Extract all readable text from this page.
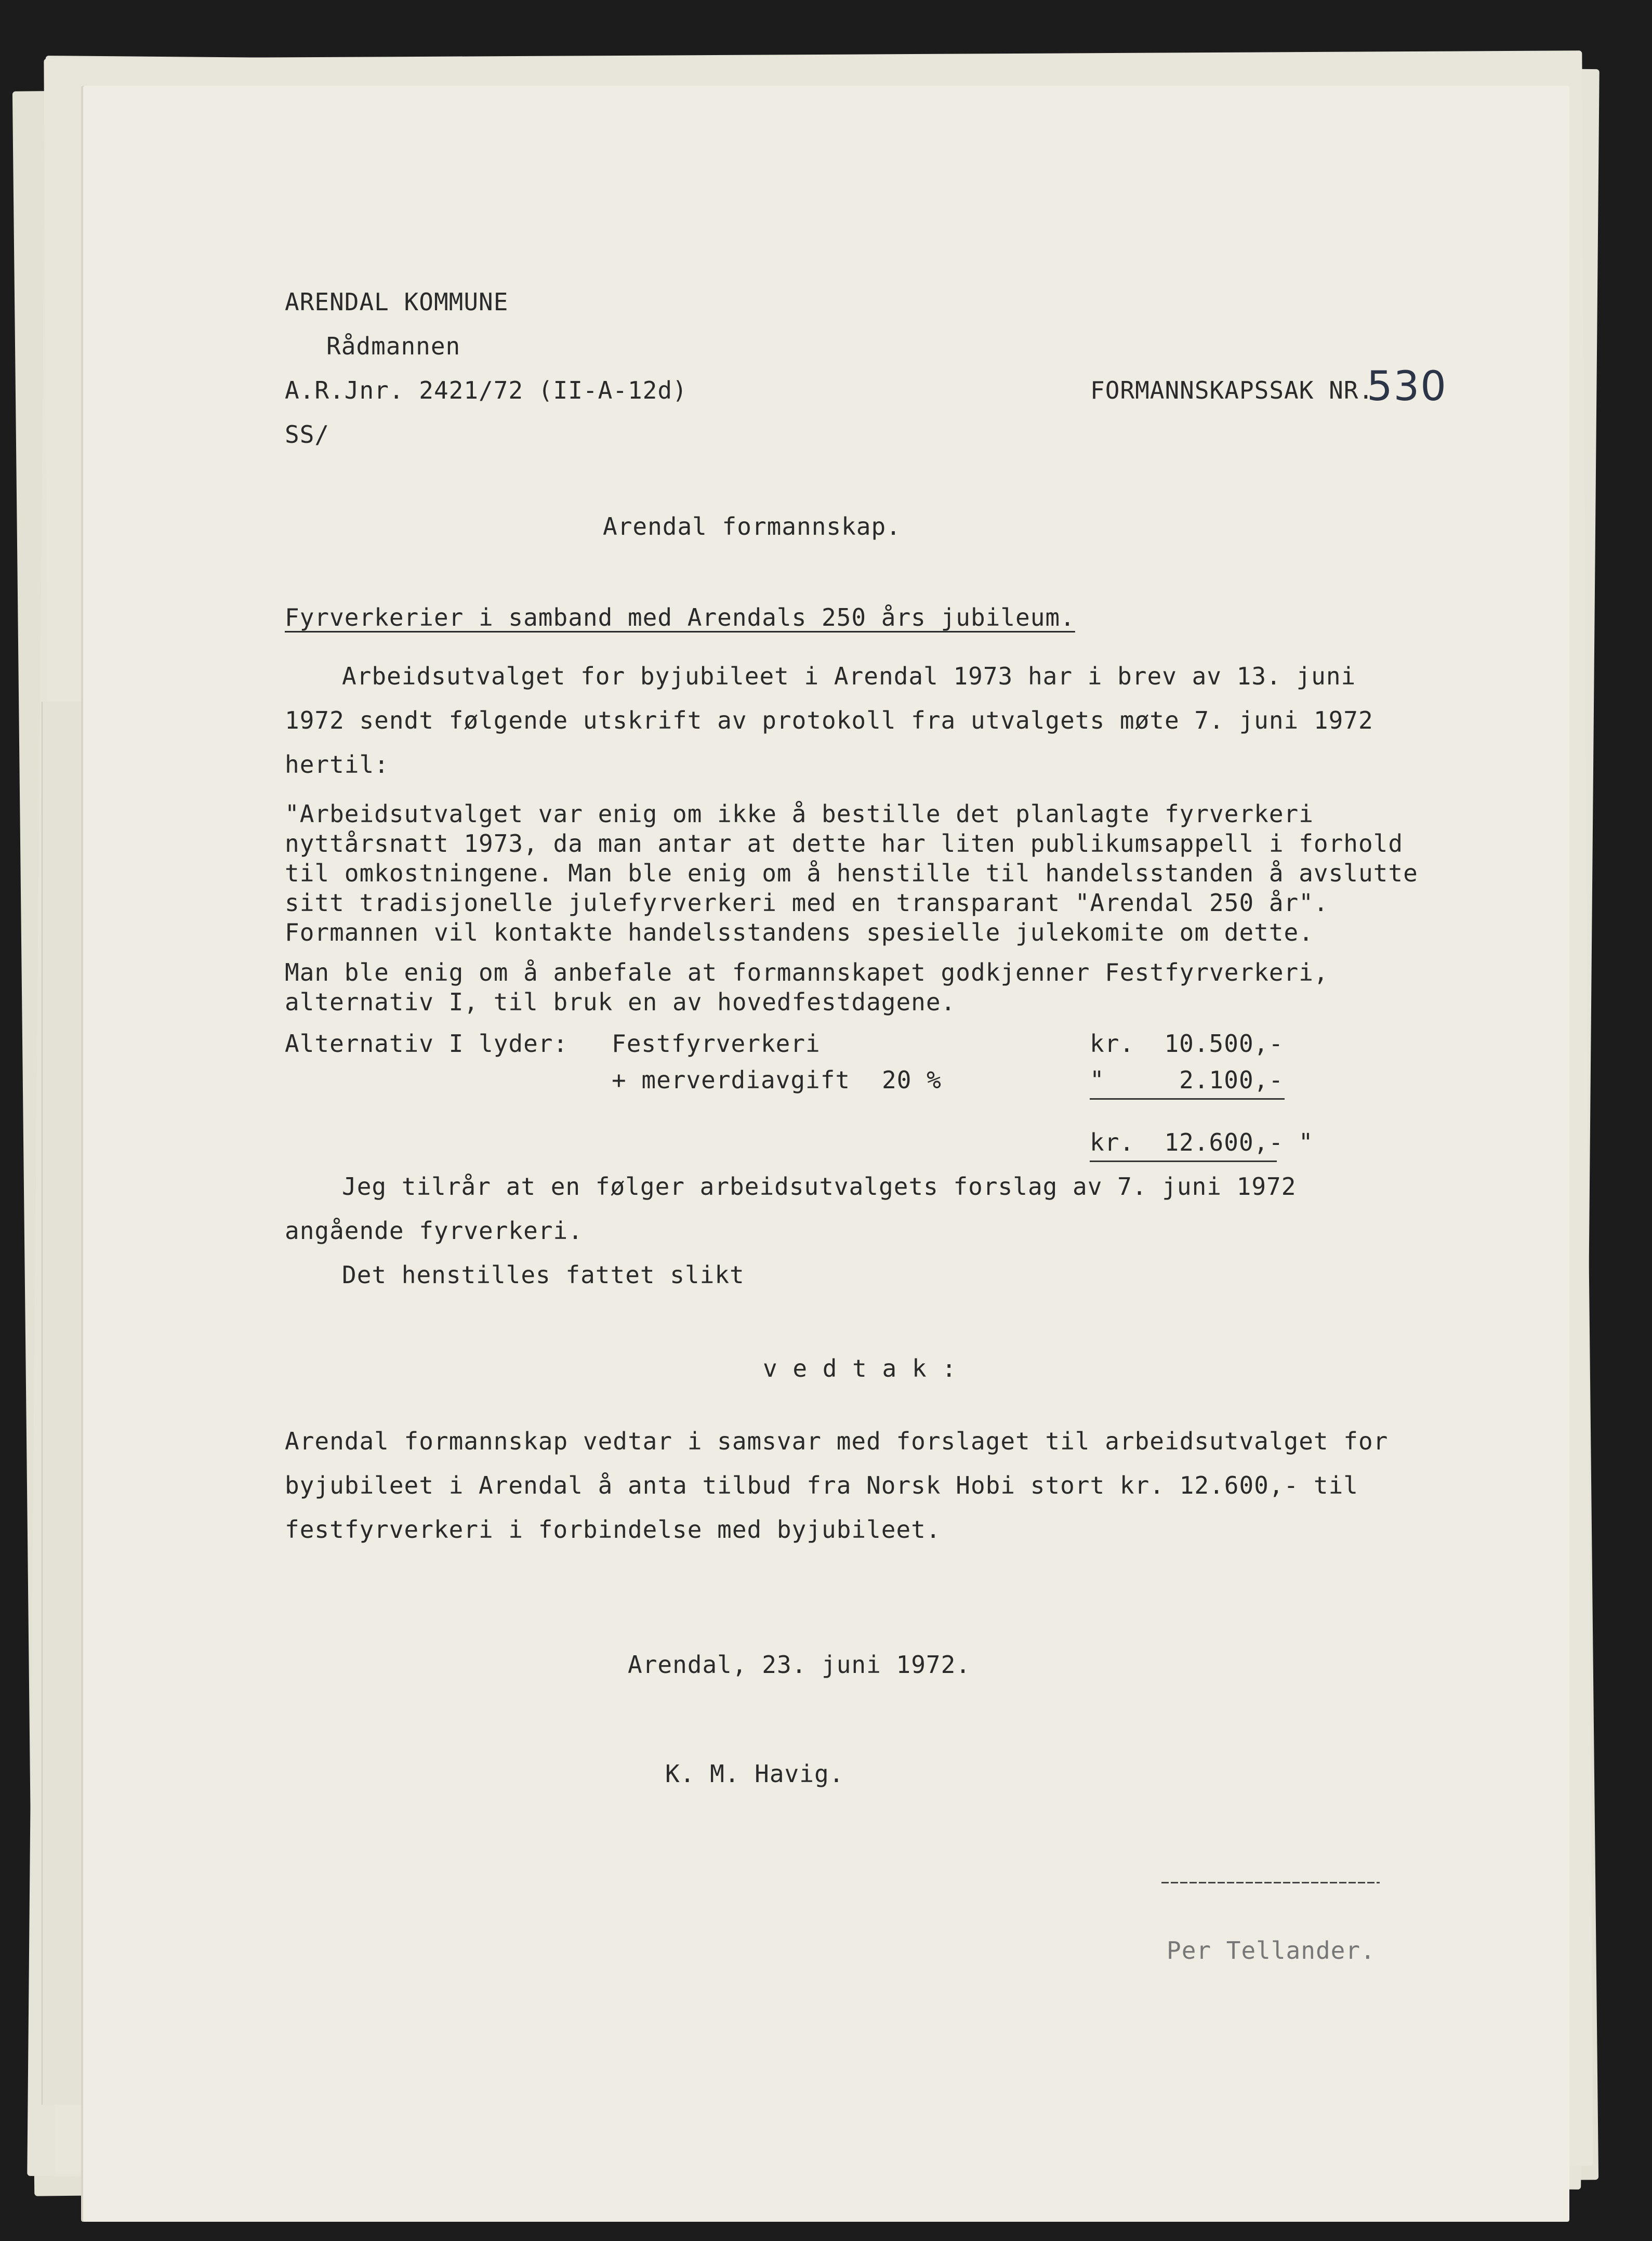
ARENDAL KOMMUNE
Rådmannen
A.R.Jnr. 2421/72 (II-A-12d)	FORMANNSKAPSSAK NR.
530
SS/
Arendal formannskap.
Fyrverkerier i samband med Arendals 250 års jubileum.
Arbeidsutvalget for byjubileet i Arendal 1973 har i brev av 13. juni
1972 sendt følgende utskrift av protokoll fra utvalgets møte 7. juni 1972
hertil:
"Arbeidsutvalget var enig om ikke å bestille det planlagte fyrverkeri
nyttårsnatt 1973, da man antar at dette har liten publikumsappell i forhold
til omkostningene. Man ble enig om å henstille til handelsstanden å avslutte
sitt tradisjonelle julefyrverkeri med en transparant "Arendal 250 år".
Formannen vil kontakte handelsstandens spesielle julekomite om dette.
Man ble enig om å anbefale at formannskapet godkjenner Festfyrverkeri,
alternativ I, til bruk en av hovedfestdagene.
Alternativ I lyder: Festfyrverkeri	kr.  10.500,-
+ merverdiavgift 20 %	"     2.100,-
kr.  12.600,- "
Jeg tilrår at en følger arbeidsutvalgets forslag av 7. juni 1972
angående fyrverkeri.
Det henstilles fattet slikt
v e d t a k :
Arendal formannskap vedtar i samsvar med forslaget til arbeidsutvalget for
byjubileet i Arendal å anta tilbud fra Norsk Hobi stort kr. 12.600,- til
festfyrverkeri i forbindelse med byjubileet.
Arendal, 23. juni 1972.
K. M. Havig.
Per Tellander.
